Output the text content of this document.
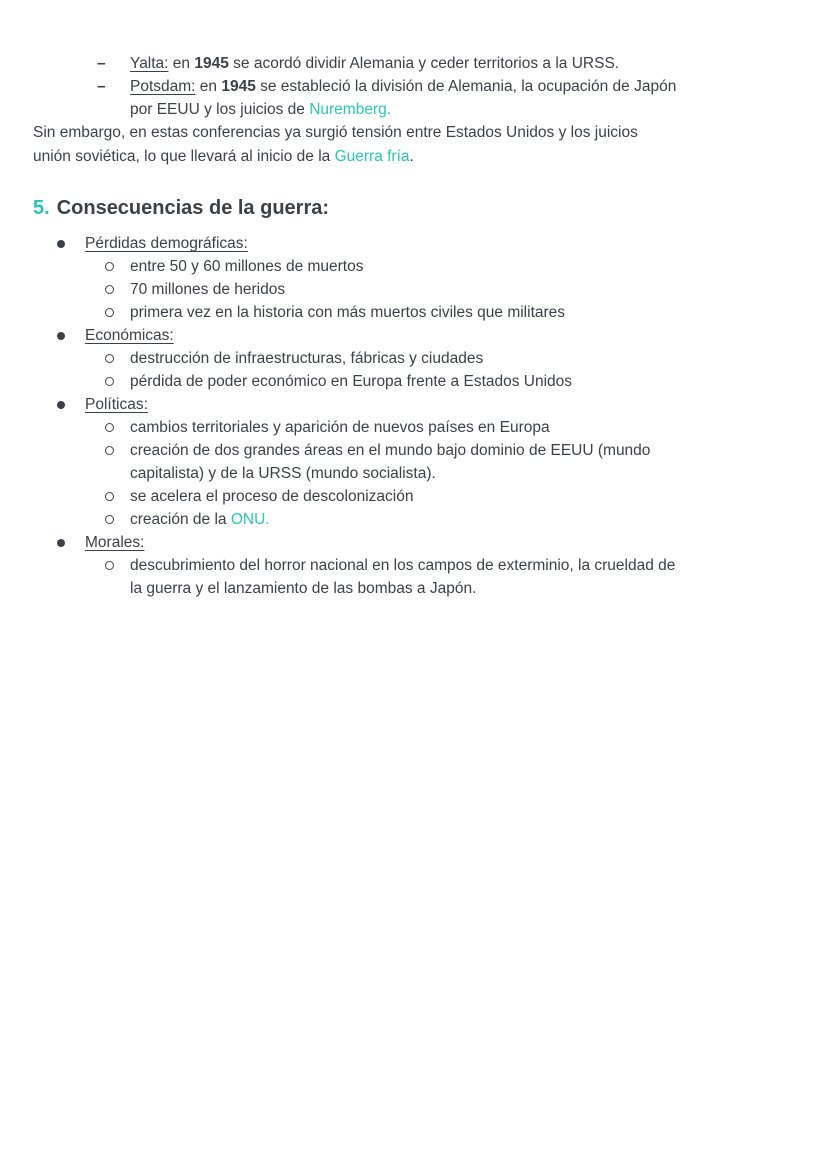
–	Yalta: en 1945 se acordó dividir Alemania y ceder territorios a la URSS.
–	Potsdam: en 1945 se estableció la división de Alemania, la ocupación de Japón
por EEUU y los juicios de Nuremberg.

Sin embargo, en estas conferencias ya surgió tensión entre Estados Unidos y los juicios
unión soviética, lo que llevará al inicio de la Guerra fría.

5. Consecuencias de la guerra:
Pérdidas demográficas:
entre 50 y 60 millones de muertos
70 millones de heridos
primera vez en la historia con más muertos civiles que militares
Económicas:
destrucción de infraestructuras, fábricas y ciudades
pérdida de poder económico en Europa frente a Estados Unidos
Políticas:
cambios territoriales y aparición de nuevos países en Europa
creación de dos grandes áreas en el mundo bajo dominio de EEUU (mundo
capitalista) y de la URSS (mundo socialista).
se acelera el proceso de descolonización
creación de la ONU.
Morales:
descubrimiento del horror nacional en los campos de exterminio, la crueldad de
la guerra y el lanzamiento de las bombas a Japón.
